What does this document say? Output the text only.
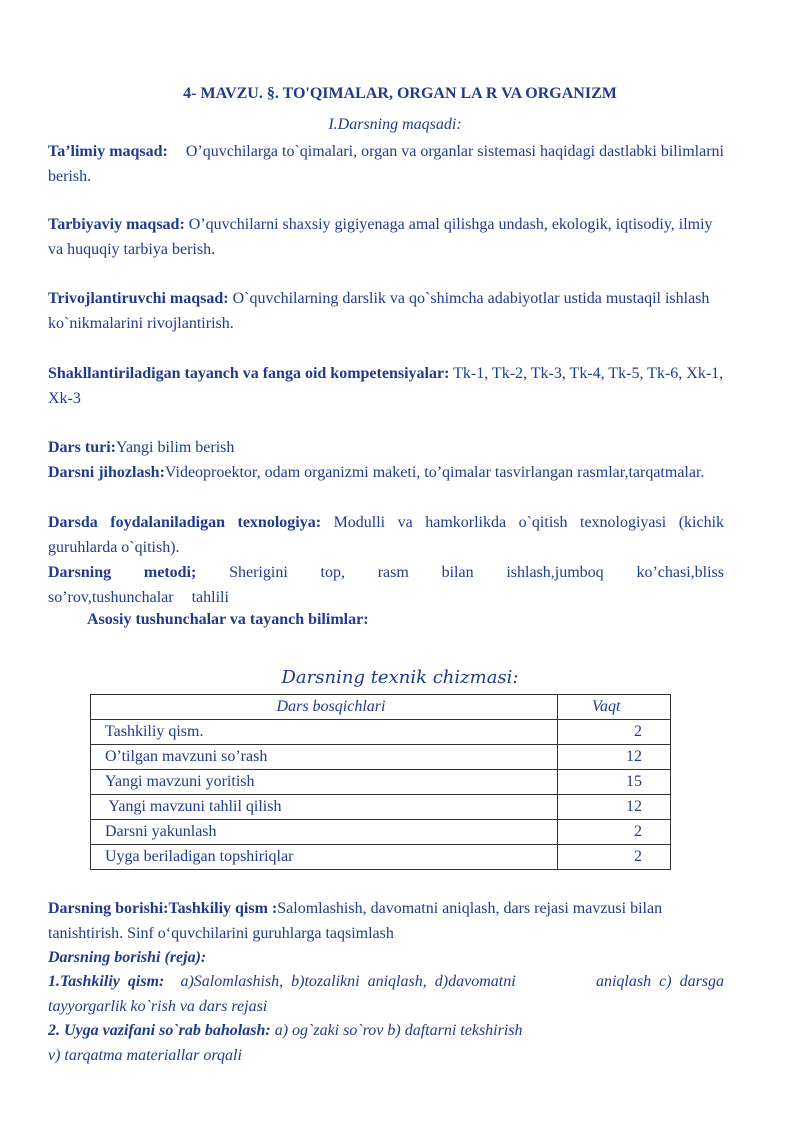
4- MAVZU. §. TO'QIMALAR, ORGAN LA R VA ORGANIZM
I.Darsning maqsadi:
Ta’limiy maqsad: O’quvchilarga to`qimalari, organ va organlar sistemasi haqidagi dastlabki bilimlarni berish.
Tarbiyaviy maqsad: O’quvchilarni shaxsiy gigiyenaga amal qilishga undash, ekologik, iqtisodiy, ilmiy va huquqiy tarbiya berish.
Trivojlantiruvchi maqsad: O`quvchilarning darslik va qo`shimcha adabiyotlar ustida mustaqil ishlash ko`nikmalarini rivojlantirish.
Shakllantiriladigan tayanch va fanga oid kompetensiyalar: Tk-1, Tk-2, Tk-3, Tk-4, Tk-5, Tk-6, Xk-1, Xk-3
Dars turi:Yangi bilim berish
Darsni jihozlash:Videoproektor, odam organizmi maketi, to’qimalar tasvirlangan rasmlar,tarqatmalar.
Darsda foydalaniladigan texnologiya: Modulli va hamkorlikda o`qitish texnologiyasi (kichik guruhlarda o`qitish).
Darsning metodi; Sherigini top, rasm bilan ishlash,jumboq ko’chasi,bliss so’rov,tushunchalar tahlili
Asosiy tushunchalar va tayanch bilimlar:
Darsning texnik chizmasi:
Dars bosqichlari	Vaqt
Tashkiliy qism.	2
O’tilgan mavzuni so’rash	12
Yangi mavzuni yoritish	15
Yangi mavzuni tahlil qilish	12
Darsni yakunlash	2
Uyga beriladigan topshiriqlar	2
Darsning borishi:Tashkiliy qism :Salomlashish, davomatni aniqlash, dars rejasi mavzusi bilan tanishtirish. Sinf o‘quvchilarini guruhlarga taqsimlash
Darsning borishi (reja):
1.Tashkiliy qism: a)Salomlashish, b)tozalikni aniqlash, d)davomatni          aniqlash c) darsga tayyorgarlik ko`rish va dars rejasi
2. Uyga vazifani so`rab baholash: a) og`zaki so`rov b) daftarni tekshirish
v) tarqatma materiallar orqali
